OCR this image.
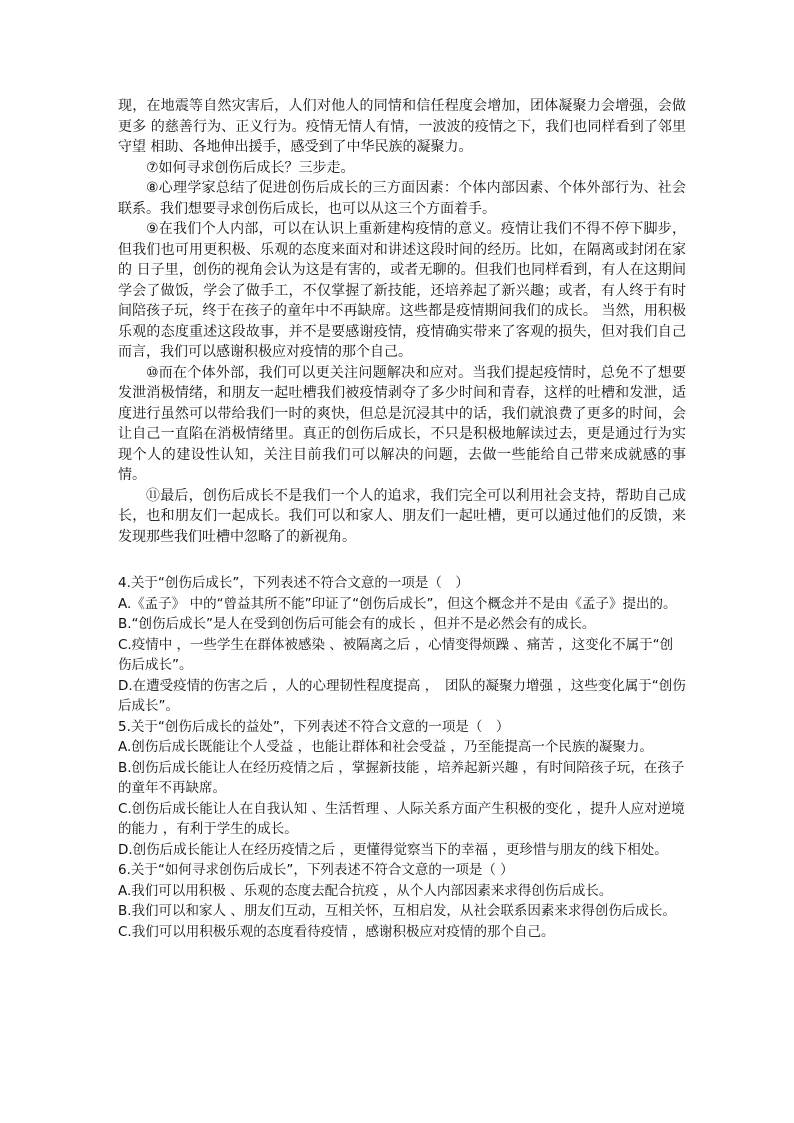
现，在地震等自然灾害后，人们对他人的同情和信任程度会增加，团体凝聚力会增强，会做更多 的慈善行为、正义行为。疫情无情人有情，一波波的疫情之下，我们也同样看到了邻里守望 相助、各地伸出援手，感受到了中华民族的凝聚力。

⑦如何寻求创伤后成长？三步走。

⑧心理学家总结了促进创伤后成长的三方面因素：个体内部因素、个体外部行为、社会 联系。我们想要寻求创伤后成长，也可以从这三个方面着手。

⑨在我们个人内部，可以在认识上重新建构疫情的意义。疫情让我们不得不停下脚步，但我们也可用更积极、乐观的态度来面对和讲述这段时间的经历。比如，在隔离或封闭在家 的 日子里，创伤的视角会认为这是有害的，或者无聊的。但我们也同样看到，有人在这期间学会了做饭，学会了做手工，不仅掌握了新技能，还培养起了新兴趣；或者，有人终于有时间陪孩子玩，终于在孩子的童年中不再缺席。这些都是疫情期间我们的成长。 当然，用积极 乐观的态度重述这段故事，并不是要感谢疫情，疫情确实带来了客观的损失，但对我们自己而言，我们可以感谢积极应对疫情的那个自己。

⑩而在个体外部，我们可以更关注问题解决和应对。当我们提起疫情时，总免不了想要 发泄消极情绪，和朋友一起吐槽我们被疫情剥夺了多少时间和青春，这样的吐槽和发泄，适 度进行虽然可以带给我们一时的爽快，但总是沉浸其中的话，我们就浪费了更多的时间，会 让自己一直陷在消极情绪里。真正的创伤后成长，不只是积极地解读过去，更是通过行为实 现个人的建设性认知，关注目前我们可以解决的问题，去做一些能给自己带来成就感的事情。

⑪最后，创伤后成长不是我们一个人的追求，我们完全可以利用社会支持，帮助自己成长，也和朋友们一起成长。我们可以和家人、朋友们一起吐槽，更可以通过他们的反馈，来 发现那些我们吐槽中忽略了的新视角。

4.关于“创伤后成长”，下列表述不符合文意的一项是（　）

A.《孟子》 中的“曾益其所不能”印证了“创伤后成长”，但这个概念并不是由《孟子》提出的。

B.“创伤后成长”是人在受到创伤后可能会有的成长 ，但并不是必然会有的成长。

C.疫情中 ，一些学生在群体被感染 、被隔离之后 ，心情变得烦躁 、痛苦 ，这变化不属于“创伤后成长”。

D.在遭受疫情的伤害之后 ，人的心理韧性程度提高 ，　团队的凝聚力增强 ，这些变化属于“创伤后成长”。

5.关于“创伤后成长的益处”，下列表述不符合文意的一项是（　）

A.创伤后成长既能让个人受益 ，也能让群体和社会受益 ，乃至能提高一个民族的凝聚力。

B.创伤后成长能让人在经历疫情之后 ，掌握新技能 ，培养起新兴趣 ，有时间陪孩子玩，在孩子的童年不再缺席。

C.创伤后成长能让人在自我认知 、生活哲理 、人际关系方面产生积极的变化 ，提升人应对逆境的能力 ，有利于学生的成长。

D.创伤后成长能让人在经历疫情之后 ，更懂得觉察当下的幸福 ，更珍惜与朋友的线下相处。

6.关于“如何寻求创伤后成长”，下列表述不符合文意的一项是（ ）

A.我们可以用积极 、乐观的态度去配合抗疫 ，从个人内部因素来求得创伤后成长。

B.我们可以和家人 、朋友们互动，互相关怀，互相启发，从社会联系因素来求得创伤后成长。

C.我们可以用积极乐观的态度看待疫情 ，感谢积极应对疫情的那个自己。
